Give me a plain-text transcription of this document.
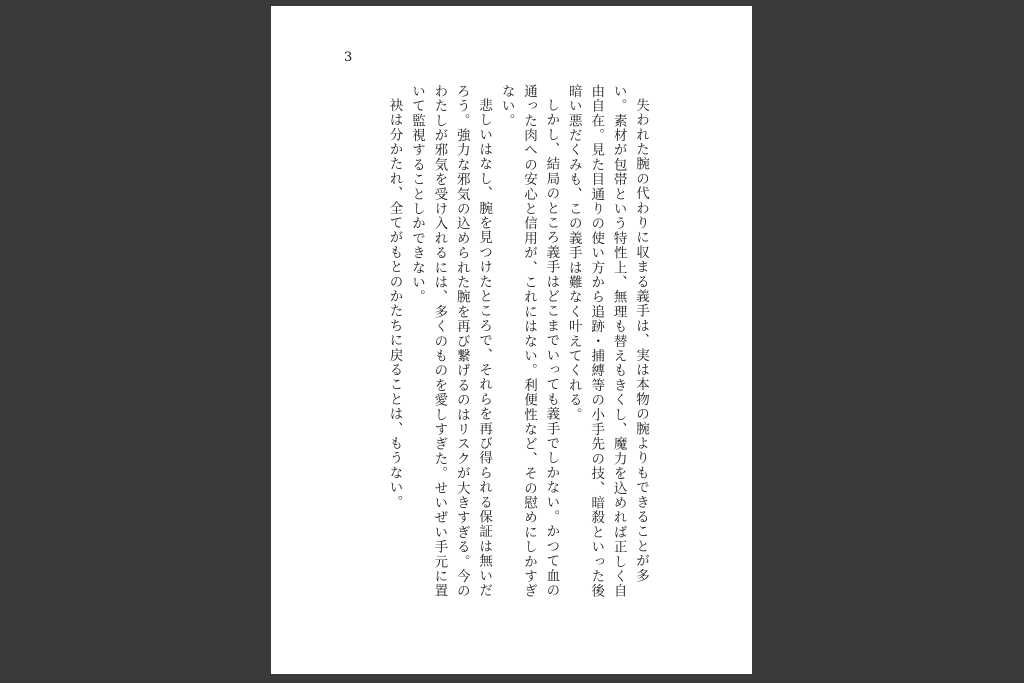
3

失われた腕の代わりに収まる義手は、実は本物の腕よりもできることが多い。素材が包帯という特性上、無理も替えもきくし、魔力を込めれば正しく自由自在。見た目通りの使い方から追跡・捕縛等の小手先の技、暗殺といった後暗い悪だくみも、この義手は難なく叶えてくれる。

しかし、結局のところ義手はどこまでいっても義手でしかない。かつて血の通った肉への安心と信用が、これにはない。利便性など、その慰めにしかすぎない。

悲しいはなし、腕を見つけたところで、それらを再び得られる保証は無いだろう。強力な邪気の込められた腕を再び繋げるのはリスクが大きすぎる。今のわたしが邪気を受け入れるには、多くのものを愛しすぎた。せいぜい手元に置いて監視することしかできない。

袂は分かたれ、全てがもとのかたちに戻ることは、もうない。
